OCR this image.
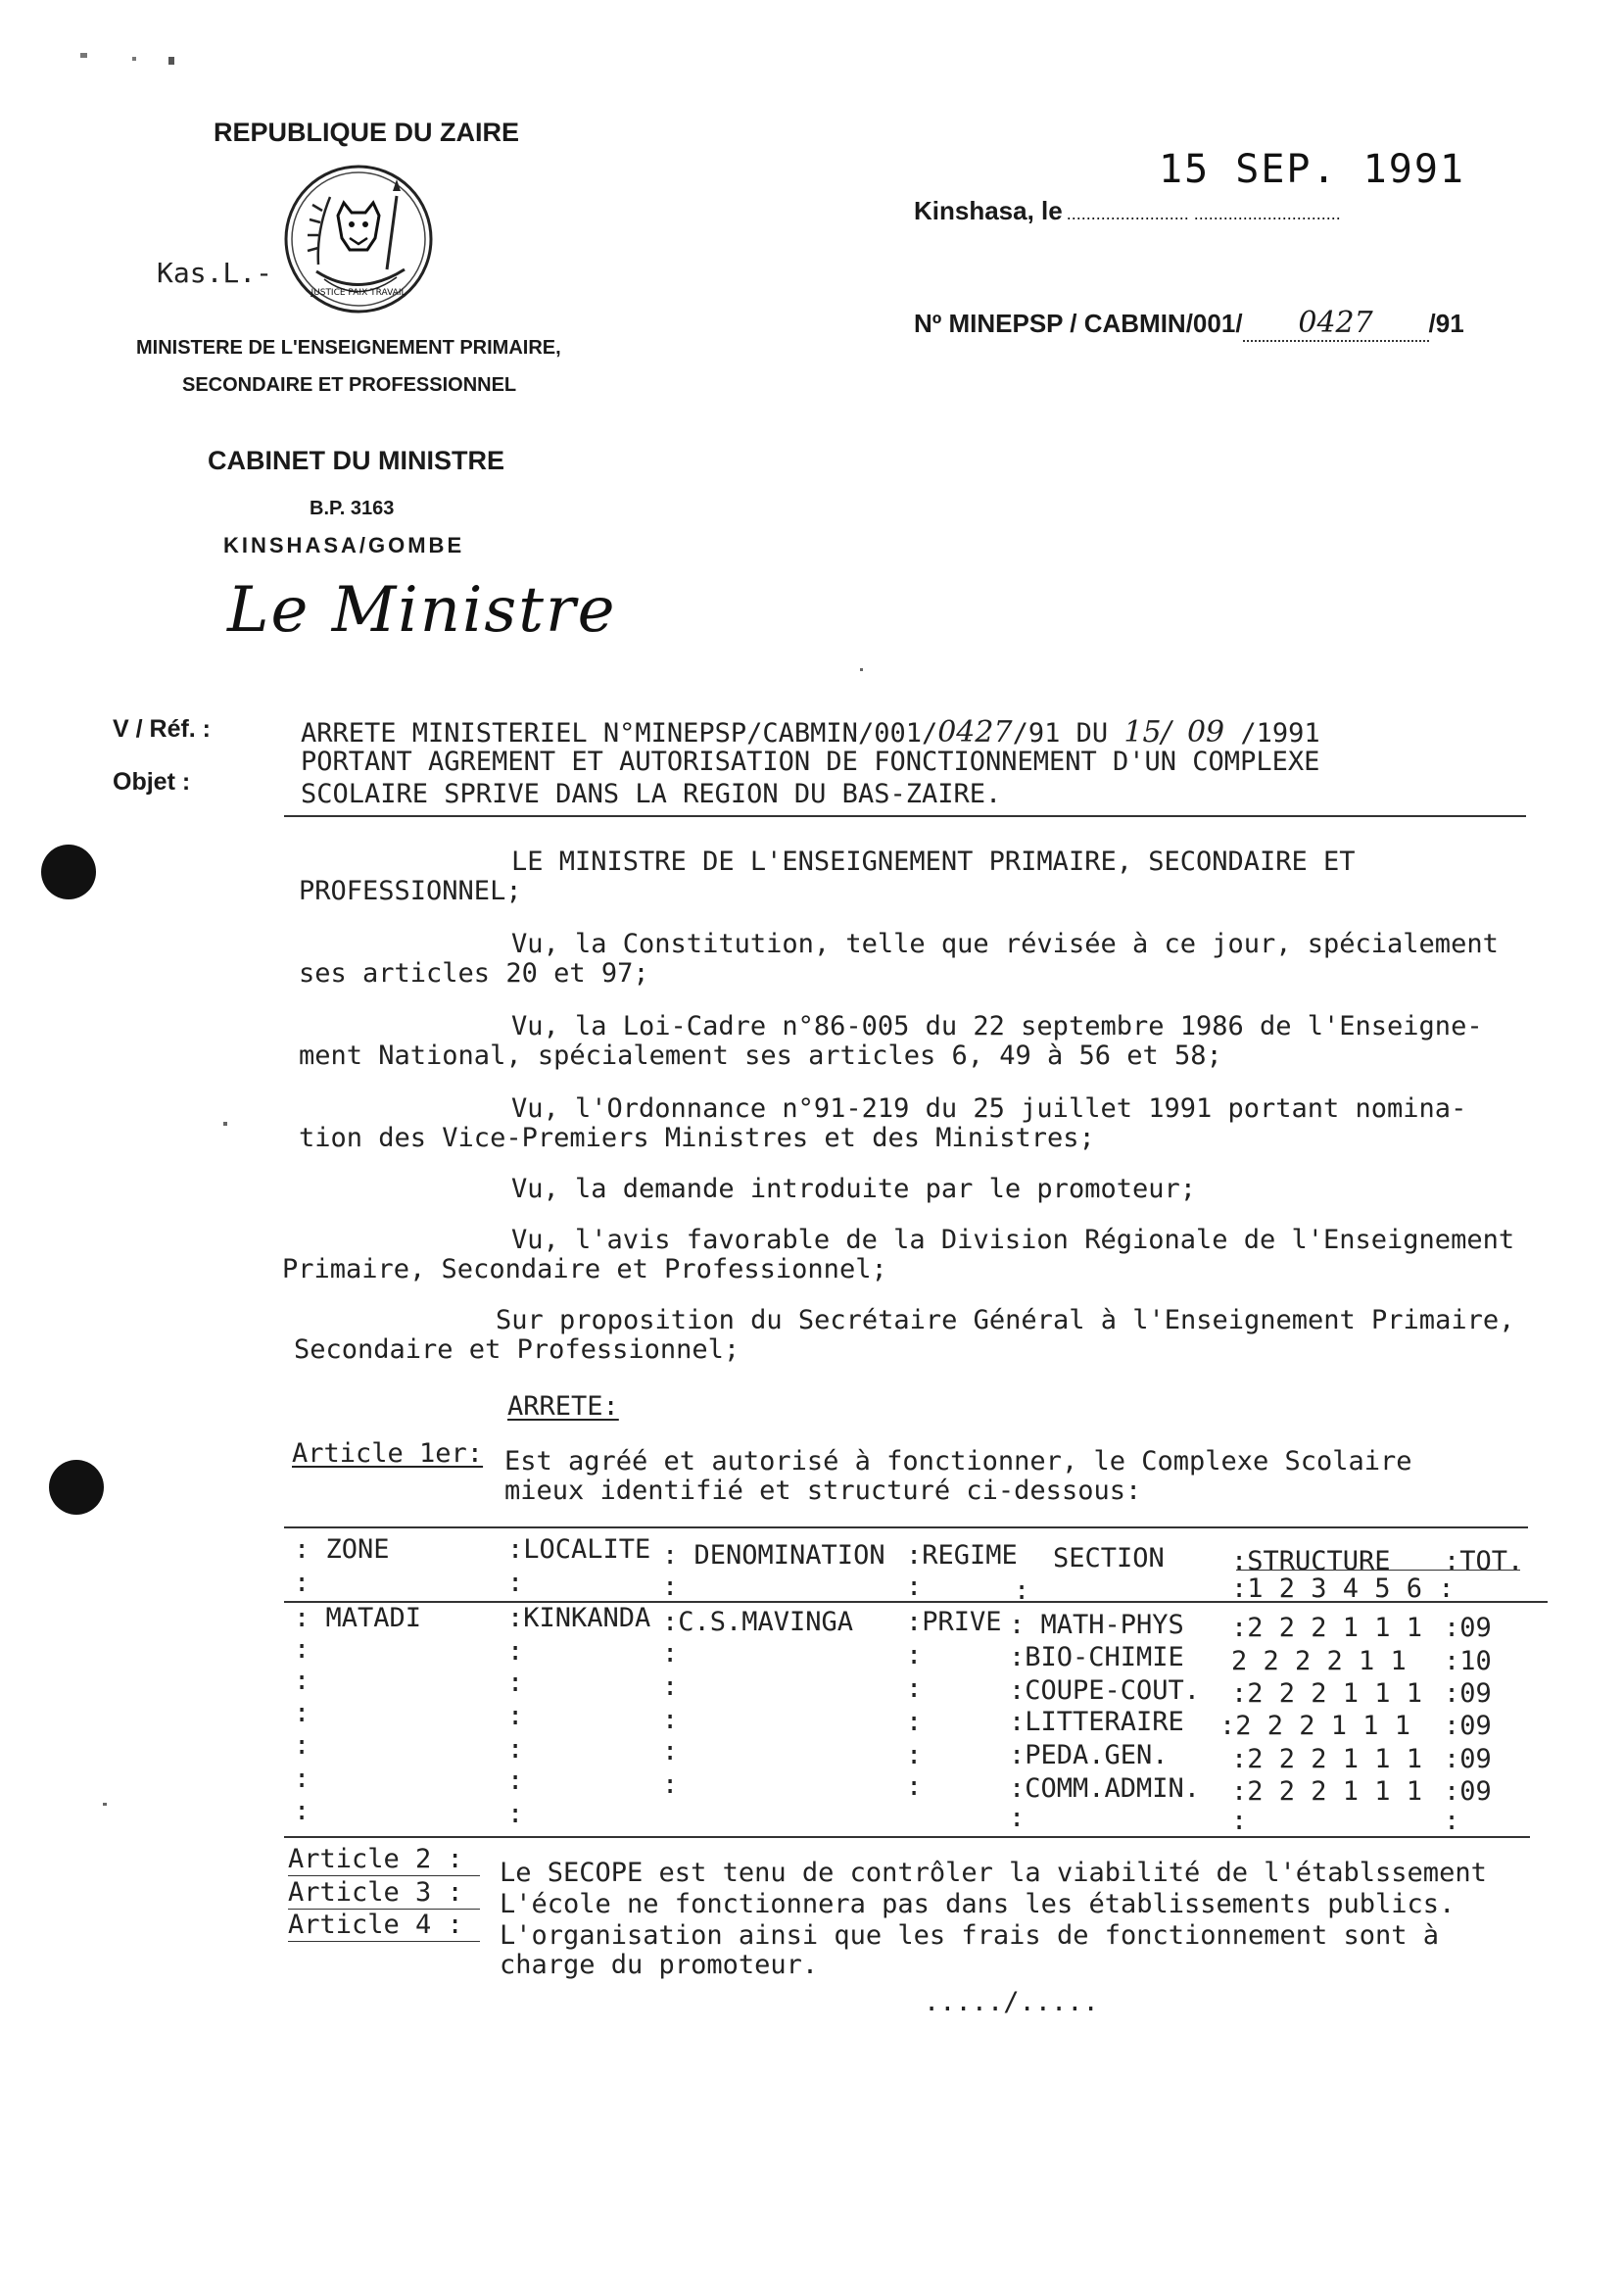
REPUBLIQUE DU ZAIRE
JUSTICE PAIX TRAVAIL
Kas.L.-
MINISTERE DE L'ENSEIGNEMENT PRIMAIRE,
SECONDAIRE ET PROFESSIONNEL
CABINET DU MINISTRE
B.P. 3163
KINSHASA/GOMBE
Le Ministre
15 SEP. 1991
Kinshasa, le ......................... ..............................
Nº MINEPSP / CABMIN/001/ 0427 /91
V / Réf. :
Objet :
ARRETE MINISTERIEL N°MINEPSP/CABMIN/001/0427/91 DU 15/ 09 /1991
PORTANT AGREMENT ET AUTORISATION DE FONCTIONNEMENT D'UN COMPLEXE
SCOLAIRE SPRIVE DANS LA REGION DU BAS-ZAIRE.
LE MINISTRE DE L'ENSEIGNEMENT PRIMAIRE, SECONDAIRE ET
PROFESSIONNEL;
Vu, la Constitution, telle que révisée à ce jour, spécialement
ses articles 20 et 97;
Vu, la Loi-Cadre n°86-005 du 22 septembre 1986 de l'Enseigne-
ment National, spécialement ses articles 6, 49 à 56 et 58;
Vu, l'Ordonnance n°91-219 du 25 juillet 1991 portant nomina-
tion des Vice-Premiers Ministres et des Ministres;
Vu, la demande introduite par le promoteur;
Vu, l'avis favorable de la Division Régionale de l'Enseignement
Primaire, Secondaire et Professionnel;
Sur proposition du Secrétaire Général à l'Enseignement Primaire,
Secondaire et Professionnel;
ARRETE:
Article 1er: Est agréé et autorisé à fonctionner, le Complexe Scolaire
mieux identifié et structuré ci-dessous:
: ZONE	:LOCALITE : DENOMINATION :REGIME SECTION	:STRUCTURE :TOT.
:	:	:	:	:	:1 2 3 4 5 6 :
: MATADI	:KINKANDA :C.S.MAVINGA :PRIVE : MATH-PHYS :2 2 2 1 1 1 :09
:	:	:	:	:BIO-CHIMIE 2 2 2 2 1 1 :10
:	:	:	:	:COUPE-COUT. :2 2 2 1 1 1 :09
:	:	:	:	:LITTERAIRE :2 2 2 1 1 1 :09
:	:	:	:	:PEDA.GEN. :2 2 2 1 1 1 :09
:	:	:	:	:COMM.ADMIN. :2 2 2 1 1 1 :09
:	:	:	:	:
Article 2 : Le SECOPE est tenu de contrôler la viabilité de l'établssement
Article 3 : L'école ne fonctionnera pas dans les établissements publics.
Article 4 : L'organisation ainsi que les frais de fonctionnement sont à
charge du promoteur.
...../.....
